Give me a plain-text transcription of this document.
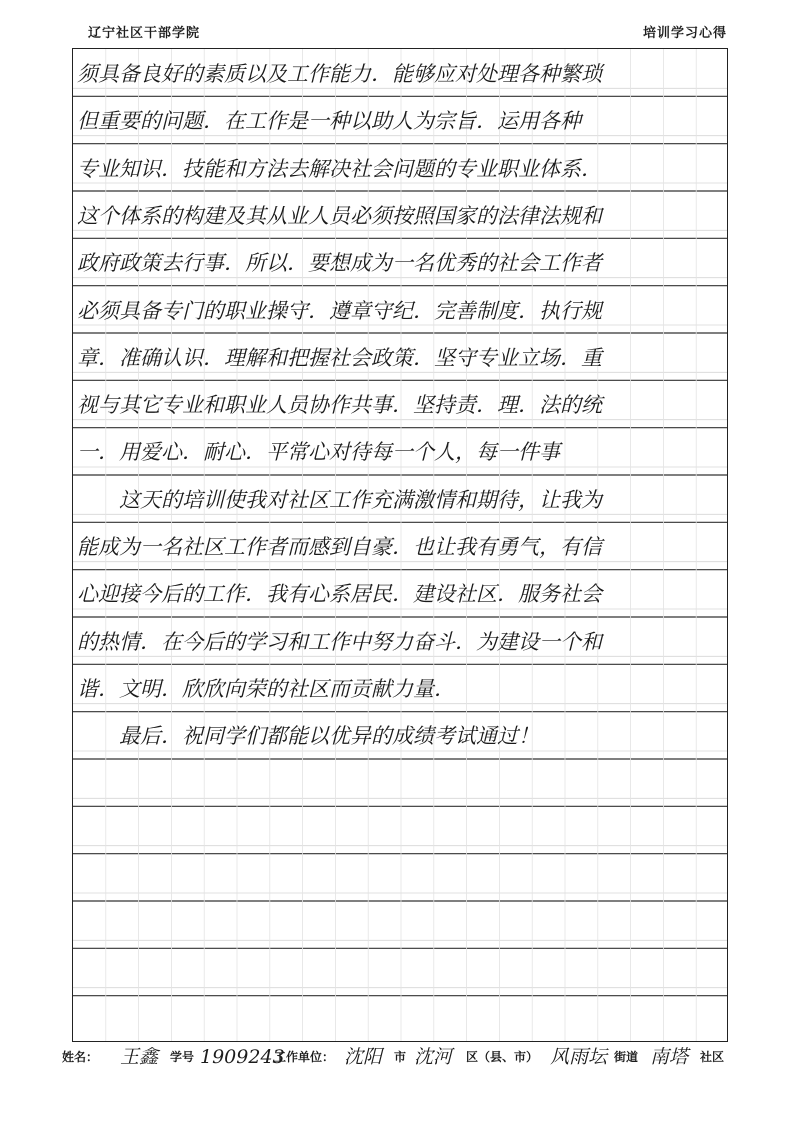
辽宁社区干部学院	培训学习心得
须具备良好的素质以及工作能力．能够应对处理各种繁琐
但重要的问题．在工作是一种以助人为宗旨．运用各种
专业知识．技能和方法去解决社会问题的专业职业体系．
这个体系的构建及其从业人员必须按照国家的法律法规和
政府政策去行事．所以．要想成为一名优秀的社会工作者
必须具备专门的职业操守．遵章守纪．完善制度．执行规
章．准确认识．理解和把握社会政策．坚守专业立场．重
视与其它专业和职业人员协作共事．坚持责．理．法的统
一．用爱心．耐心．平常心对待每一个人，每一件事
　　这天的培训使我对社区工作充满激情和期待，让我为
能成为一名社区工作者而感到自豪．也让我有勇气，有信
心迎接今后的工作．我有心系居民．建设社区．服务社会
的热情．在今后的学习和工作中努力奋斗．为建设一个和
谐．文明．欣欣向荣的社区而贡献力量．
　　最后．祝同学们都能以优异的成绩考试通过！
姓名： 王鑫 学号 1909243
工作单位： 沈阳 市 沈河 区（县、市） 风雨坛 街道 南塔 社区
